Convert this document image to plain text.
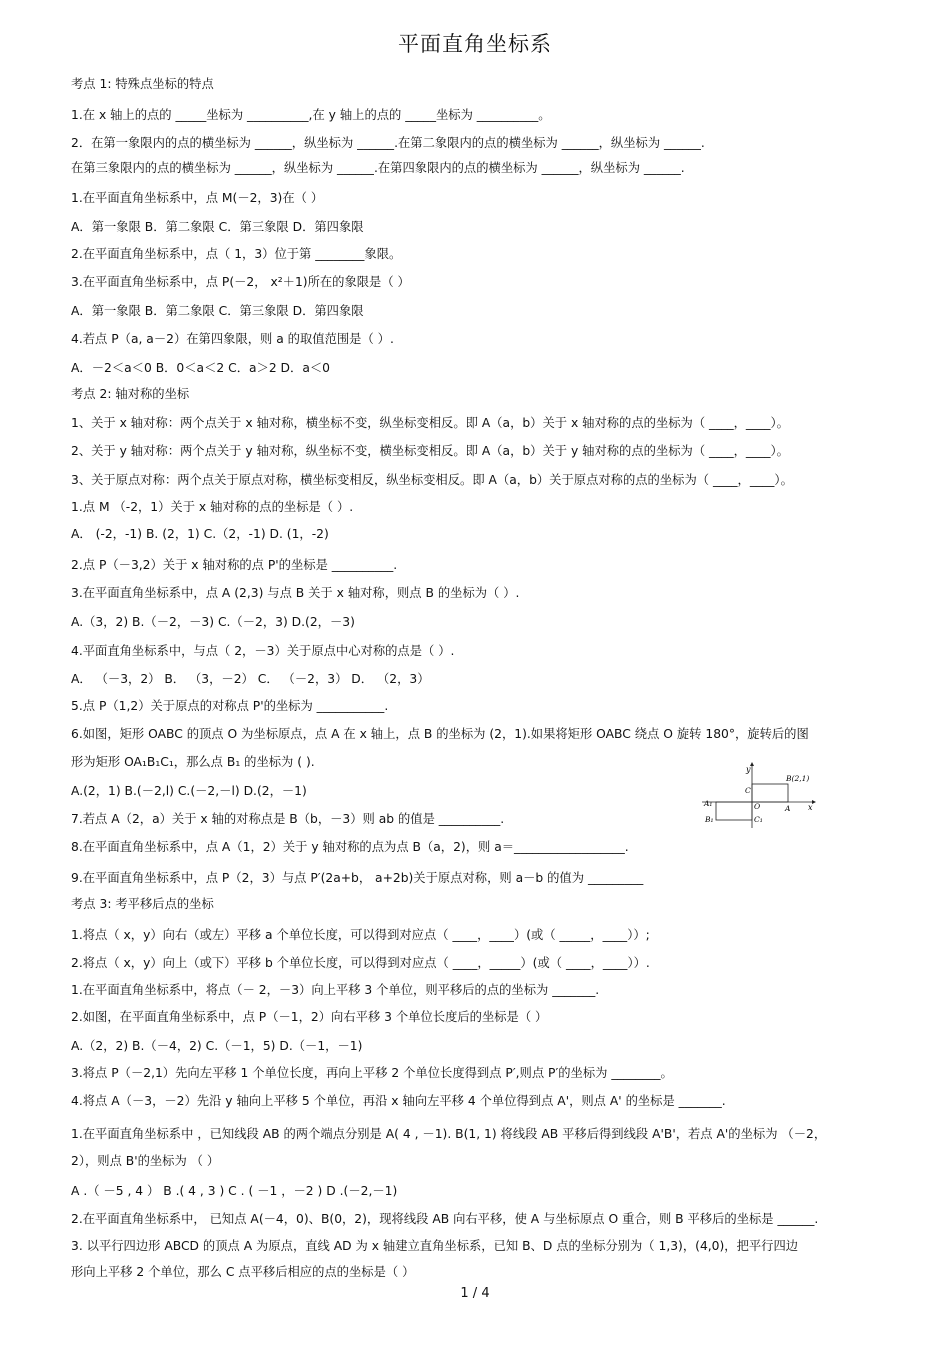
平面直角坐标系
考点 1: 特殊点坐标的特点
1.在 x 轴上的点的 _____坐标为 __________,在 y 轴上的点的 _____坐标为 __________。
2．在第一象限内的点的横坐标为 ______，纵坐标为 ______.在第二象限内的点的横坐标为 ______，纵坐标为 ______.
在第三象限内的点的横坐标为 ______，纵坐标为 ______.在第四象限内的点的横坐标为 ______，纵坐标为 ______.
1.在平面直角坐标系中，点 M(－2，3)在（ ）
A．第一象限 B．第二象限 C．第三象限 D．第四象限
2.在平面直角坐标系中，点（ 1，3）位于第 ________象限。
3.在平面直角坐标系中，点 P(－2， x²＋1)所在的象限是（ ）
A．第一象限 B．第二象限 C．第三象限 D．第四象限
4.若点 P（a, a－2）在第四象限，则 a 的取值范围是（ ）.
A．－2＜a＜0 B．0＜a＜2 C．a＞2 D．a＜0
考点 2: 轴对称的坐标
1、关于 x 轴对称：两个点关于 x 轴对称，横坐标不变，纵坐标变相反。即 A（a，b）关于 x 轴对称的点的坐标为（ ____，____）。
2、关于 y 轴对称：两个点关于 y 轴对称，纵坐标不变，横坐标变相反。即 A（a，b）关于 y 轴对称的点的坐标为（ ____，____）。
3、关于原点对称：两个点关于原点对称，横坐标变相反，纵坐标变相反。即 A（a，b）关于原点对称的点的坐标为（ ____，____）。
1.点 M （-2，1）关于 x 轴对称的点的坐标是（ ）.
A． (-2，-1) B. (2，1) C.（2，-1) D. (1，-2)
2.点 P（－3,2）关于 x 轴对称的点 P'的坐标是 __________.
3.在平面直角坐标系中，点 A (2,3) 与点 B 关于 x 轴对称，则点 B 的坐标为（ ）.
A.（3，2) B.（－2，－3) C.（－2，3) D.(2，－3)
4.平面直角坐标系中，与点（ 2，－3）关于原点中心对称的点是（ ）.
A． （－3，2） B． （3，－2） C． （－2，3） D． （2，3）
5.点 P（1,2）关于原点的对称点 P'的坐标为 ___________.
6.如图，矩形 OABC 的顶点 O 为坐标原点，点 A 在 x 轴上，点 B 的坐标为 (2，1).如果将矩形 OABC 绕点 O 旋转 180°，旋转后的图
形为矩形 OA₁B₁C₁，那么点 B₁ 的坐标为 ( ).
A.(2，1) B.(－2,l) C.(－2,－l) D.(2，－1)
7.若点 A（2，a）关于 x 轴的对称点是 B（b，－3）则 ab 的值是 __________.
8.在平面直角坐标系中，点 A（1，2）关于 y 轴对称的点为点 B（a，2)，则 a＝__________________.
9.在平面直角坐标系中，点 P（2，3）与点 P′(2a+b， a+2b)关于原点对称，则 a－b 的值为 _________
考点 3: 考平移后点的坐标
1.将点（ x，y）向右（或左）平移 a 个单位长度，可以得到对应点（ ____，____）(或（ _____，____））;
2.将点（ x，y）向上（或下）平移 b 个单位长度，可以得到对应点（ ____，_____）(或（ ____，____））.
1.在平面直角坐标系中，将点（－ 2，－3）向上平移 3 个单位，则平移后的点的坐标为 _______.
2.如图，在平面直角坐标系中，点 P（－1，2）向右平移 3 个单位长度后的坐标是（ ）
A.（2，2) B.（－4，2) C.（－1，5) D.（－1，－1)
3.将点 P（－2,1）先向左平移 1 个单位长度，再向上平移 2 个单位长度得到点 P′,则点 P′的坐标为 ________。
4.将点 A（－3，－2）先沿 y 轴向上平移 5 个单位，再沿 x 轴向左平移 4 个单位得到点 A'，则点 A' 的坐标是 _______.
1.在平面直角坐标系中 ，已知线段 AB 的两个端点分别是 A( 4 , －1). B(1, 1) 将线段 AB 平移后得到线段 A'B'，若点 A'的坐标为 （－2，
2），则点 B'的坐标为 （ ）
A .（ －5 , 4 ） B .( 4 , 3 ) C . ( －1 ，－2 ) D .(－2,－1)
2.在平面直角坐标系中， 已知点 A(－4，0)、B(0，2)，现将线段 AB 向右平移，使 A 与坐标原点 O 重合，则 B 平移后的坐标是 ______.
3. 以平行四边形 ABCD 的顶点 A 为原点，直线 AD 为 x 轴建立直角坐标系，已知 B、D 点的坐标分别为（ 1,3)，(4,0)，把平行四边
形向上平移 2 个单位，那么 C 点平移后相应的点的坐标是（ ）
y
x
B(2,1)
C
O	A
A₁
B₁	C₁
1 / 4
